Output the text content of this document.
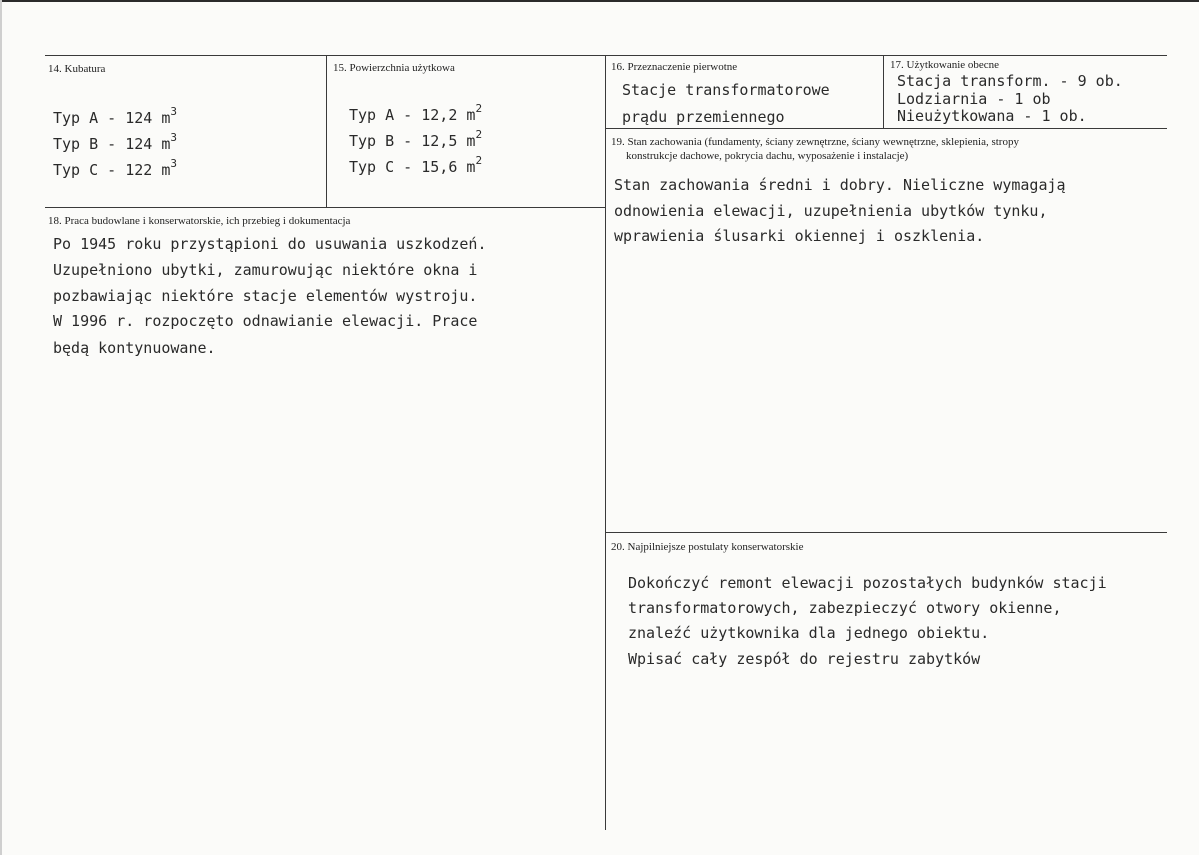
14. Kubatura
Typ A - 124 $m^3$
Typ B - 124 $m^3$
Typ C - 122 $m^3$
15. Powierzchnia użytkowa
Typ A - 12,2 $m^2$
Typ B - 12,5 $m^2$
Typ C - 15,6 $m^2$
16. Przeznaczenie pierwotne
Stacje transformatorowe
prądu przemiennego
17. Użytkowanie obecne
Stacja transform. - 9 ob.
Lodziarnia - 1 ob
Nieużytkowana - 1 ob.
18. Praca budowlane i konserwatorskie, ich przebieg i dokumentacja
Po 1945 roku przystąpioni do usuwania uszkodzeń.
Uzupełniono ubytki, zamurowując niektóre okna i
pozbawiając niektóre stacje elementów wystroju.
W 1996 r. rozpoczęto odnawianie elewacji. Prace
będą kontynuowane.
19. Stan zachowania (fundamenty, ściany zewnętrzne, ściany wewnętrzne, sklepienia, stropy
konstrukcje dachowe, pokrycia dachu, wyposażenie i instalacje)
Stan zachowania średni i dobry. Nieliczne wymagają
odnowienia elewacji, uzupełnienia ubytków tynku,
wprawienia ślusarki okiennej i oszklenia.
20. Najpilniejsze postulaty konserwatorskie
Dokończyć remont elewacji pozostałych budynków stacji
transformatorowych, zabezpieczyć otwory okienne,
znaleźć użytkownika dla jednego obiektu.
Wpisać cały zespół do rejestru zabytków
